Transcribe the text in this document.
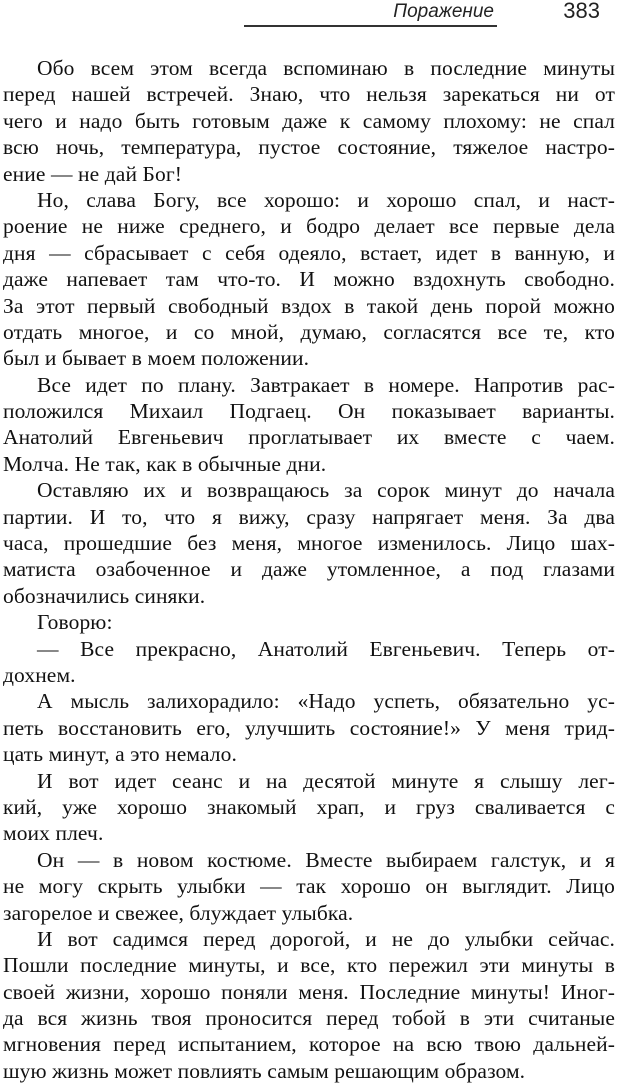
Поражение	383
Обо всем этом всегда вспоминаю в последние минуты
перед нашей встречей. Знаю, что нельзя зарекаться ни от
чего и надо быть готовым даже к самому плохому: не спал
всю ночь, температура, пустое состояние, тяжелое настро-
ение — не дай Бог!
Но, слава Богу, все хорошо: и хорошо спал, и наст-
роение не ниже среднего, и бодро делает все первые дела
дня — сбрасывает с себя одеяло, встает, идет в ванную, и
даже напевает там что-то. И можно вздохнуть свободно.
За этот первый свободный вздох в такой день порой можно
отдать многое, и со мной, думаю, согласятся все те, кто
был и бывает в моем положении.
Все идет по плану. Завтракает в номере. Напротив рас-
положился Михаил Подгаец. Он показывает варианты.
Анатолий Евгеньевич проглатывает их вместе с чаем.
Молча. Не так, как в обычные дни.
Оставляю их и возвращаюсь за сорок минут до начала
партии. И то, что я вижу, сразу напрягает меня. За два
часа, прошедшие без меня, многое изменилось. Лицо шах-
матиста озабоченное и даже утомленное, а под глазами
обозначились синяки.
Говорю:
— Все прекрасно, Анатолий Евгеньевич. Теперь от-
дохнем.
А мысль залихорадило: «Надо успеть, обязательно ус-
петь восстановить его, улучшить состояние!» У меня трид-
цать минут, а это немало.
И вот идет сеанс и на десятой минуте я слышу лег-
кий, уже хорошо знакомый храп, и груз сваливается с
моих плеч.
Он — в новом костюме. Вместе выбираем галстук, и я
не могу скрыть улыбки — так хорошо он выглядит. Лицо
загорелое и свежее, блуждает улыбка.
И вот садимся перед дорогой, и не до улыбки сейчас.
Пошли последние минуты, и все, кто пережил эти минуты в
своей жизни, хорошо поняли меня. Последние минуты! Иног-
да вся жизнь твоя проносится перед тобой в эти считаные
мгновения перед испытанием, которое на всю твою дальней-
шую жизнь может повлиять самым решающим образом.
